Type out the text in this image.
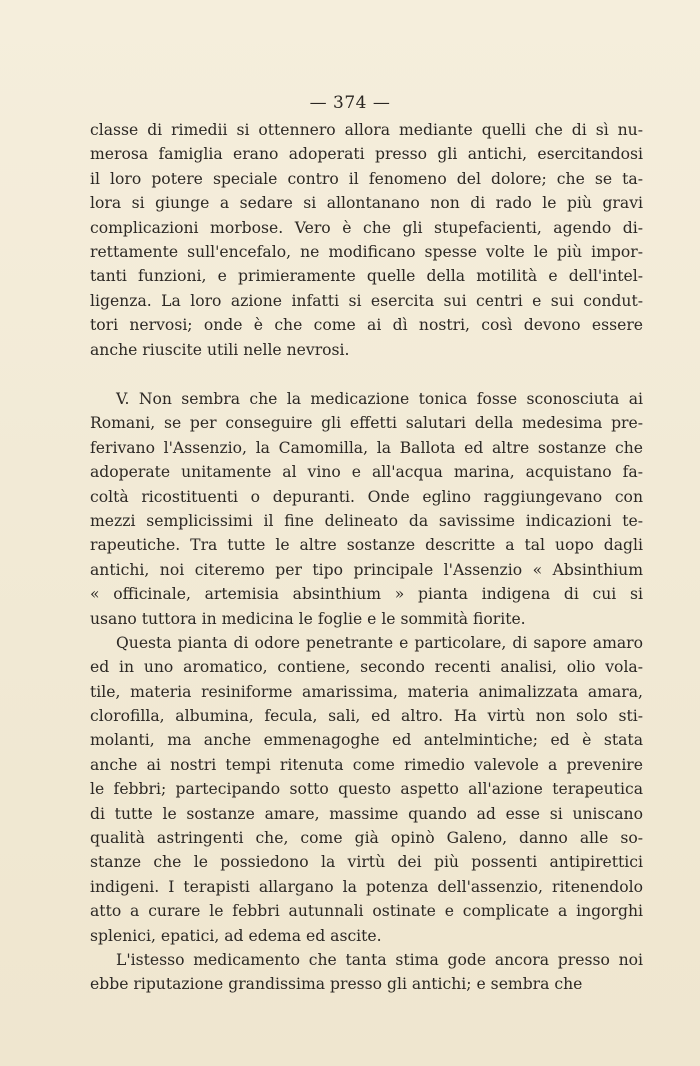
— 374 —
classe di rimedii si ottennero allora mediante quelli che di sì nu-
merosa famiglia erano adoperati presso gli antichi, esercitandosi
il loro potere speciale contro il fenomeno del dolore; che se ta-
lora si giunge a sedare si allontanano non di rado le più gravi
complicazioni morbose. Vero è che gli stupefacienti, agendo di-
rettamente sull'encefalo, ne modificano spesse volte le più impor-
tanti funzioni, e primieramente quelle della motilità e dell'intel-
ligenza. La loro azione infatti si esercita sui centri e sui condut-
tori nervosi; onde è che come ai dì nostri, così devono essere
anche riuscite utili nelle nevrosi.
V. Non sembra che la medicazione tonica fosse sconosciuta ai
Romani, se per conseguire gli effetti salutari della medesima pre-
ferivano l'Assenzio, la Camomilla, la Ballota ed altre sostanze che
adoperate unitamente al vino e all'acqua marina, acquistano fa-
coltà ricostituenti o depuranti. Onde eglino raggiungevano con
mezzi semplicissimi il fine delineato da savissime indicazioni te-
rapeutiche. Tra tutte le altre sostanze descritte a tal uopo dagli
antichi, noi citeremo per tipo principale l'Assenzio « Absinthium
« officinale, artemisia absinthium » pianta indigena di cui si
usano tuttora in medicina le foglie e le sommità fiorite.
Questa pianta di odore penetrante e particolare, di sapore amaro
ed in uno aromatico, contiene, secondo recenti analisi, olio vola-
tile, materia resiniforme amarissima, materia animalizzata amara,
clorofilla, albumina, fecula, sali, ed altro. Ha virtù non solo sti-
molanti, ma anche emmenagoghe ed antelmintiche; ed è stata
anche ai nostri tempi ritenuta come rimedio valevole a prevenire
le febbri; partecipando sotto questo aspetto all'azione terapeutica
di tutte le sostanze amare, massime quando ad esse si uniscano
qualità astringenti che, come già opinò Galeno, danno alle so-
stanze che le possiedono la virtù dei più possenti antipirettici
indigeni. I terapisti allargano la potenza dell'assenzio, ritenendolo
atto a curare le febbri autunnali ostinate e complicate a ingorghi
splenici, epatici, ad edema ed ascite.
L'istesso medicamento che tanta stima gode ancora presso noi
ebbe riputazione grandissima presso gli antichi; e sembra che
